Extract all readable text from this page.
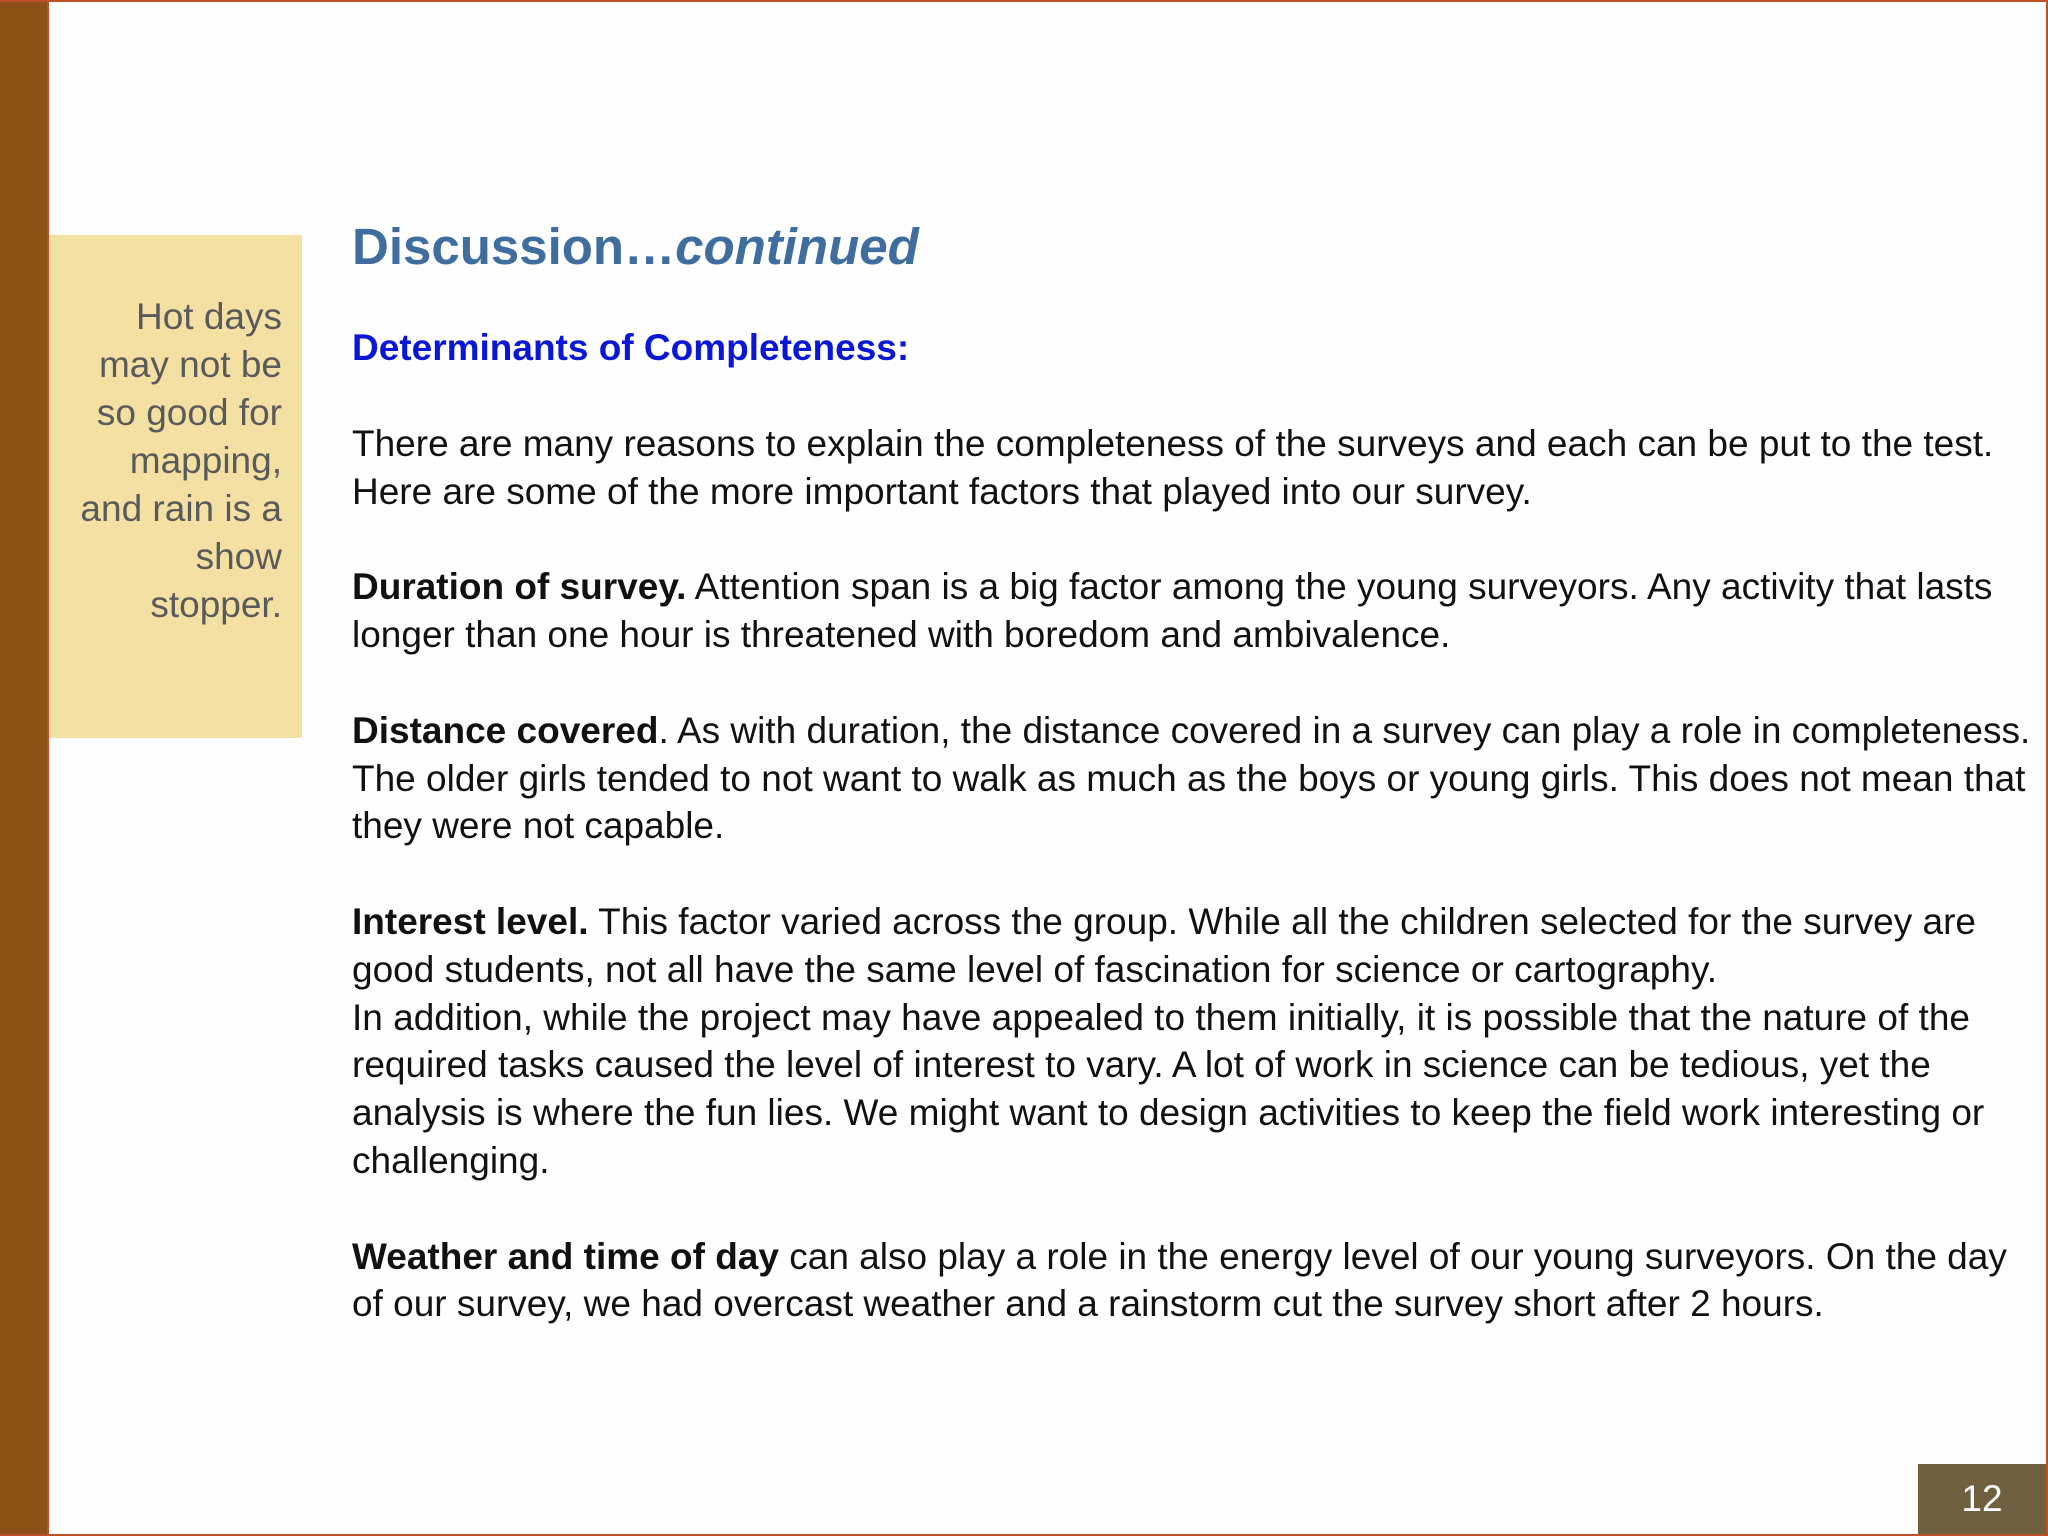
Hot days may not be so good for mapping, and rain is a show stopper.
Discussion…continued
Determinants of Completeness:

There are many reasons to explain the completeness of the surveys and each can be put to the test. Here are some of the more important factors that played into our survey.

Duration of survey. Attention span is a big factor among the young surveyors. Any activity that lasts longer than one hour is threatened with boredom and ambivalence.

Distance covered. As with duration, the distance covered in a survey can play a role in completeness. The older girls tended to not want to walk as much as the boys or young girls. This does not mean that they were not capable.

Interest level. This factor varied across the group. While all the children selected for the survey are good students, not all have the same level of fascination for science or cartography.
In addition, while the project may have appealed to them initially, it is possible that the nature of the required tasks caused the level of interest to vary. A lot of work in science can be tedious, yet the analysis is where the fun lies. We might want to design activities to keep the field work interesting or challenging.

Weather and time of day can also play a role in the energy level of our young surveyors. On the day of our survey, we had overcast weather and a rainstorm cut the survey short after 2 hours.

12
